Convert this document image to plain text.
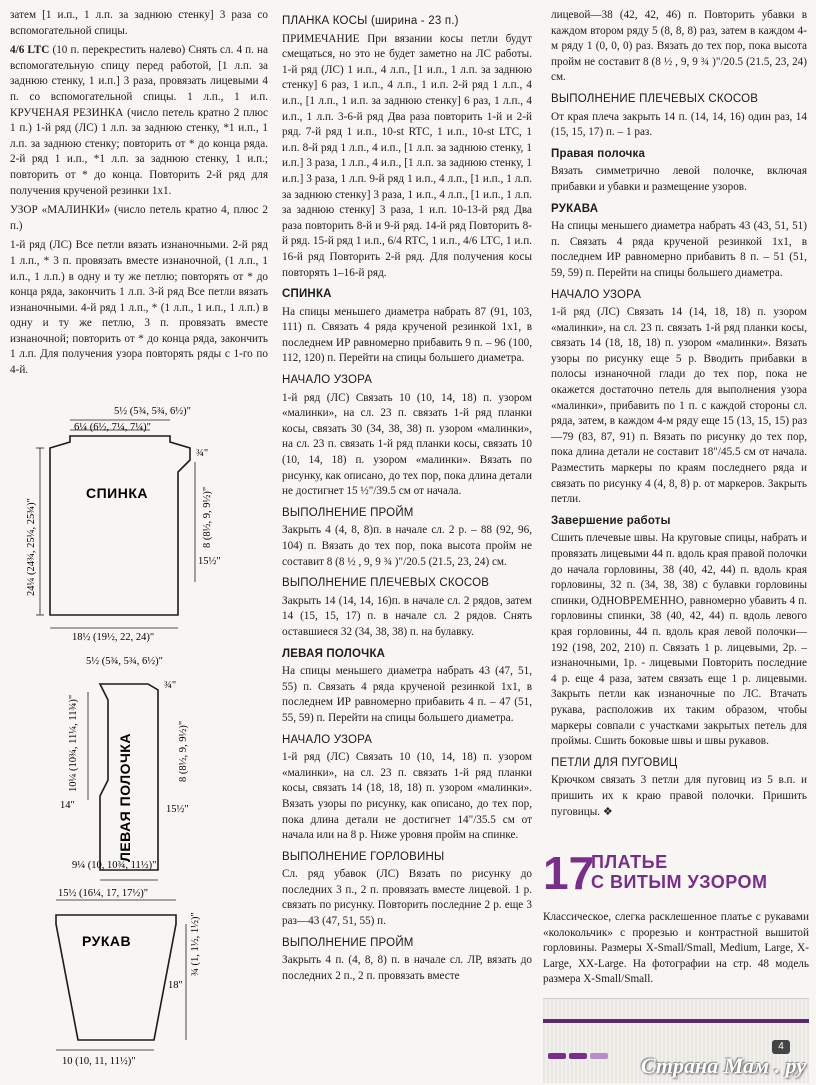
затем [1 и.п., 1 л.п. за заднюю стенку] 3 раза со вспомогательной спицы.

4/6 LTC (10 п. перекрестить налево) Снять сл. 4 п. на вспомогательную спицу перед работой, [1 л.п. за заднюю стенку, 1 и.п.] 3 раза, провязать лицевыми 4 п. со вспомогательной спицы. 1 л.п., 1 и.п. КРУЧЕНАЯ РЕЗИНКА (число петель кратно 2 плюс 1 п.) 1-й ряд (ЛС) 1 л.п. за заднюю стенку, *1 и.п., 1 л.п. за заднюю стенку; повторить от * до конца ряда. 2-й ряд 1 и.п., *1 л.п. за заднюю стенку, 1 и.п.; повторить от * до конца. Повторить 2-й ряд для получения крученой резинки 1х1.

УЗОР «МАЛИНКИ» (число петель кратно 4, плюс 2 п.)

1-й ряд (ЛС) Все петли вязать изнаночными. 2-й ряд 1 л.п., * 3 п. провязать вместе изнаночной, (1 л.п., 1 и.п., 1 л.п.) в одну и ту же петлю; повторять от * до конца ряда, закончить 1 л.п. 3-й ряд Все петли вязать изнаночными. 4-й ряд 1 л.п., * (1 л.п., 1 и.п., 1 л.п.) в одну и ту же петлю, 3 п. провязать вместе изнаночной; повторить от * до конца ряда, закончить 1 л.п. Для получения узора повторять ряды с 1-го по 4-й.

СПИНКА
5½ (5¾, 5¾, 6½)"
6¼ (6½, 7¼, 7¼)"
¾"
8 (8½, 9, 9½)"
24¼ (24¾, 25¼, 25¾)"	15½"
18½ (19½, 22, 24)"
ЛЕВАЯ ПОЛОЧКА
5½ (5¾, 5¾, 6½)"
¾"
10¼ (10¾, 11¼, 11¾)"	8 (8½, 9, 9½)"
14"	15½"
9¼ (10, 10¾, 11½)"
РУКАВ
15½ (16¼, 17, 17½)"
¾ (1, 1½, 1½)"
18"
10 (10, 11, 11½)"
ПЛАНКА КОСЫ (ширина - 23 п.)

ПРИМЕЧАНИЕ При вязании косы петли будут смещаться, но это не будет заметно на ЛС работы. 1-й ряд (ЛС) 1 и.п., 4 л.п., [1 и.п., 1 л.п. за заднюю стенку] 6 раз, 1 и.п., 4 л.п., 1 и.п. 2-й ряд 1 л.п., 4 и.п., [1 л.п., 1 и.п. за заднюю стенку] 6 раз, 1 л.п., 4 и.п., 1 л.п. 3-6-й ряд Два раза повторить 1-й и 2-й ряд. 7-й ряд 1 и.п., 10-st RTC, 1 и.п., 10-st LTC, 1 и.п. 8-й ряд 1 л.п., 4 и.п., [1 л.п. за заднюю стенку, 1 и.п.] 3 раза, 1 л.п., 4 и.п., [1 л.п. за заднюю стенку, 1 и.п.] 3 раза, 1 л.п. 9-й ряд 1 и.п., 4 л.п., [1 и.п., 1 л.п. за заднюю стенку] 3 раза, 1 и.п., 4 л.п., [1 и.п., 1 л.п. за заднюю стенку] 3 раза, 1 и.п. 10-13-й ряд Два раза повторить 8-й и 9-й ряд. 14-й ряд Повторить 8-й ряд. 15-й ряд 1 и.п., 6/4 RTC, 1 и.п., 4/6 LTC, 1 и.п. 16-й ряд Повторить 2-й ряд. Для получения косы повторять 1–16-й ряд.

СПИНКА

На спицы меньшего диаметра набрать 87 (91, 103, 111) п. Связать 4 ряда крученой резинкой 1х1, в последнем ИР равномерно прибавить 9 п. – 96 (100, 112, 120) п. Перейти на спицы большего диаметра.

НАЧАЛО УЗОРА

1-й ряд (ЛС) Связать 10 (10, 14, 18) п. узором «малинки», на сл. 23 п. связать 1-й ряд планки косы, связать 30 (34, 38, 38) п. узором «малинки», на сл. 23 п. связать 1-й ряд планки косы, связать 10 (10, 14, 18) п. узором «малинки». Вязать по рисунку, как описано, до тех пор, пока длина детали не достигнет 15 ½"/39.5 см от начала.

ВЫПОЛНЕНИЕ ПРОЙМ

Закрыть 4 (4, 8, 8)п. в начале сл. 2 р. – 88 (92, 96, 104) п. Вязать до тех пор, пока высота пройм не составит 8 (8 ½ , 9, 9 ¾ )"/20.5 (21.5, 23, 24) см.

ВЫПОЛНЕНИЕ ПЛЕЧЕВЫХ СКОСОВ

Закрыть 14 (14, 14, 16)п. в начале сл. 2 рядов, затем 14 (15, 15, 17) п. в начале сл. 2 рядов. Снять оставшиеся 32 (34, 38, 38) п. на булавку.

ЛЕВАЯ ПОЛОЧКА

На спицы меньшего диаметра набрать 43 (47, 51, 55) п. Связать 4 ряда крученой резинкой 1х1, в последнем ИР равномерно прибавить 4 п. – 47 (51, 55, 59) п. Перейти на спицы большего диаметра.

НАЧАЛО УЗОРА

1-й ряд (ЛС) Связать 10 (10, 14, 18) п. узором «малинки», на сл. 23 п. связать 1-й ряд планки косы, связать 14 (18, 18, 18) п. узором «малинки». Вязать узоры по рисунку, как описано, до тех пор, пока длина детали не достигнет 14"/35.5 см от начала или на 8 р. Ниже уровня пройм на спинке.

ВЫПОЛНЕНИЕ ГОРЛОВИНЫ

Сл. ряд убавок (ЛС) Вязать по рисунку до последних 3 п., 2 п. провязать вместе лицевой. 1 р. связать по рисунку. Повторить последние 2 р. еще 3 раз—43 (47, 51, 55) п.

ВЫПОЛНЕНИЕ ПРОЙМ

Закрыть 4 п. (4, 8, 8) п. в начале сл. ЛР, вязать до последних 2 п., 2 п. провязать вместе

лицевой—38 (42, 42, 46) п. Повторить убавки в каждом втором ряду 5 (8, 8, 8) раз, затем в каждом 4-м ряду 1 (0, 0, 0) раз. Вязать до тех пор, пока высота пройм не составит 8 (8 ½ , 9, 9 ¾ )"/20.5 (21.5, 23, 24) см.

ВЫПОЛНЕНИЕ ПЛЕЧЕВЫХ СКОСОВ

От края плеча закрыть 14 п. (14, 14, 16) один раз, 14 (15, 15, 17) п. – 1 раз.

Правая полочка

Вязать симметрично левой полочке, включая прибавки и убавки и размещение узоров.

РУКАВА

На спицы меньшего диаметра набрать 43 (43, 51, 51) п. Связать 4 ряда крученой резинкой 1х1, в последнем ИР равномерно прибавить 8 п. – 51 (51, 59, 59) п. Перейти на спицы большего диаметра.

НАЧАЛО УЗОРА

1-й ряд (ЛС) Связать 14 (14, 18, 18) п. узором «малинки», на сл. 23 п. связать 1-й ряд планки косы, связать 14 (18, 18, 18) п. узором «малинки». Вязать узоры по рисунку еще 5 р. Вводить прибавки в полосы изнаночной глади до тех пор, пока не окажется достаточно петель для выполнения узора «малинки», прибавить по 1 п. с каждой стороны сл. ряда, затем, в каждом 4-м ряду еще 15 (13, 15, 15) раз—79 (83, 87, 91) п. Вязать по рисунку до тех пор, пока длина детали не составит 18"/45.5 см от начала. Разместить маркеры по краям последнего ряда и связать по рисунку 4 (4, 8, 8) р. от маркеров. Закрыть петли.

Завершение работы

Сшить плечевые швы. На круговые спицы, набрать и провязать лицевыми 44 п. вдоль края правой полочки до начала горловины, 38 (40, 42, 44) п. вдоль края горловины, 32 п. (34, 38, 38) с булавки горловины спинки, ОДНОВРЕМЕННО, равномерно убавить 4 п. горловины спинки, 38 (40, 42, 44) п. вдоль левого края горловины, 44 п. вдоль края левой полочки—192 (198, 202, 210) п. Связать 1 р. лицевыми, 2р. – изнаночными, 1р. - лицевыми Повторить последние 4 р. еще 4 раза, затем связать еще 1 р. лицевыми. Закрыть петли как изнаночные по ЛС. Втачать рукава, расположив их таким образом, чтобы маркеры совпали с участками закрытых петель для проймы. Сшить боковые швы и швы рукавов.

ПЕТЛИ ДЛЯ ПУГОВИЦ

Крючком связать 3 петли для пуговиц из 5 в.п. и пришить их к краю правой полочки. Пришить пуговицы. ❖

17
ПЛАТЬЕ
С ВИТЫМ УЗОРОМ
Классическое, слегка расклешенное платье с рукавами «колокольчик» с прорезью и контрастной вышитой горловины. Размеры X-Small/Small, Medium, Large, X-Large, XX-Large. На фотографии на стр. 48 модель размера X-Small/Small.
4
Страна Мам . ру
